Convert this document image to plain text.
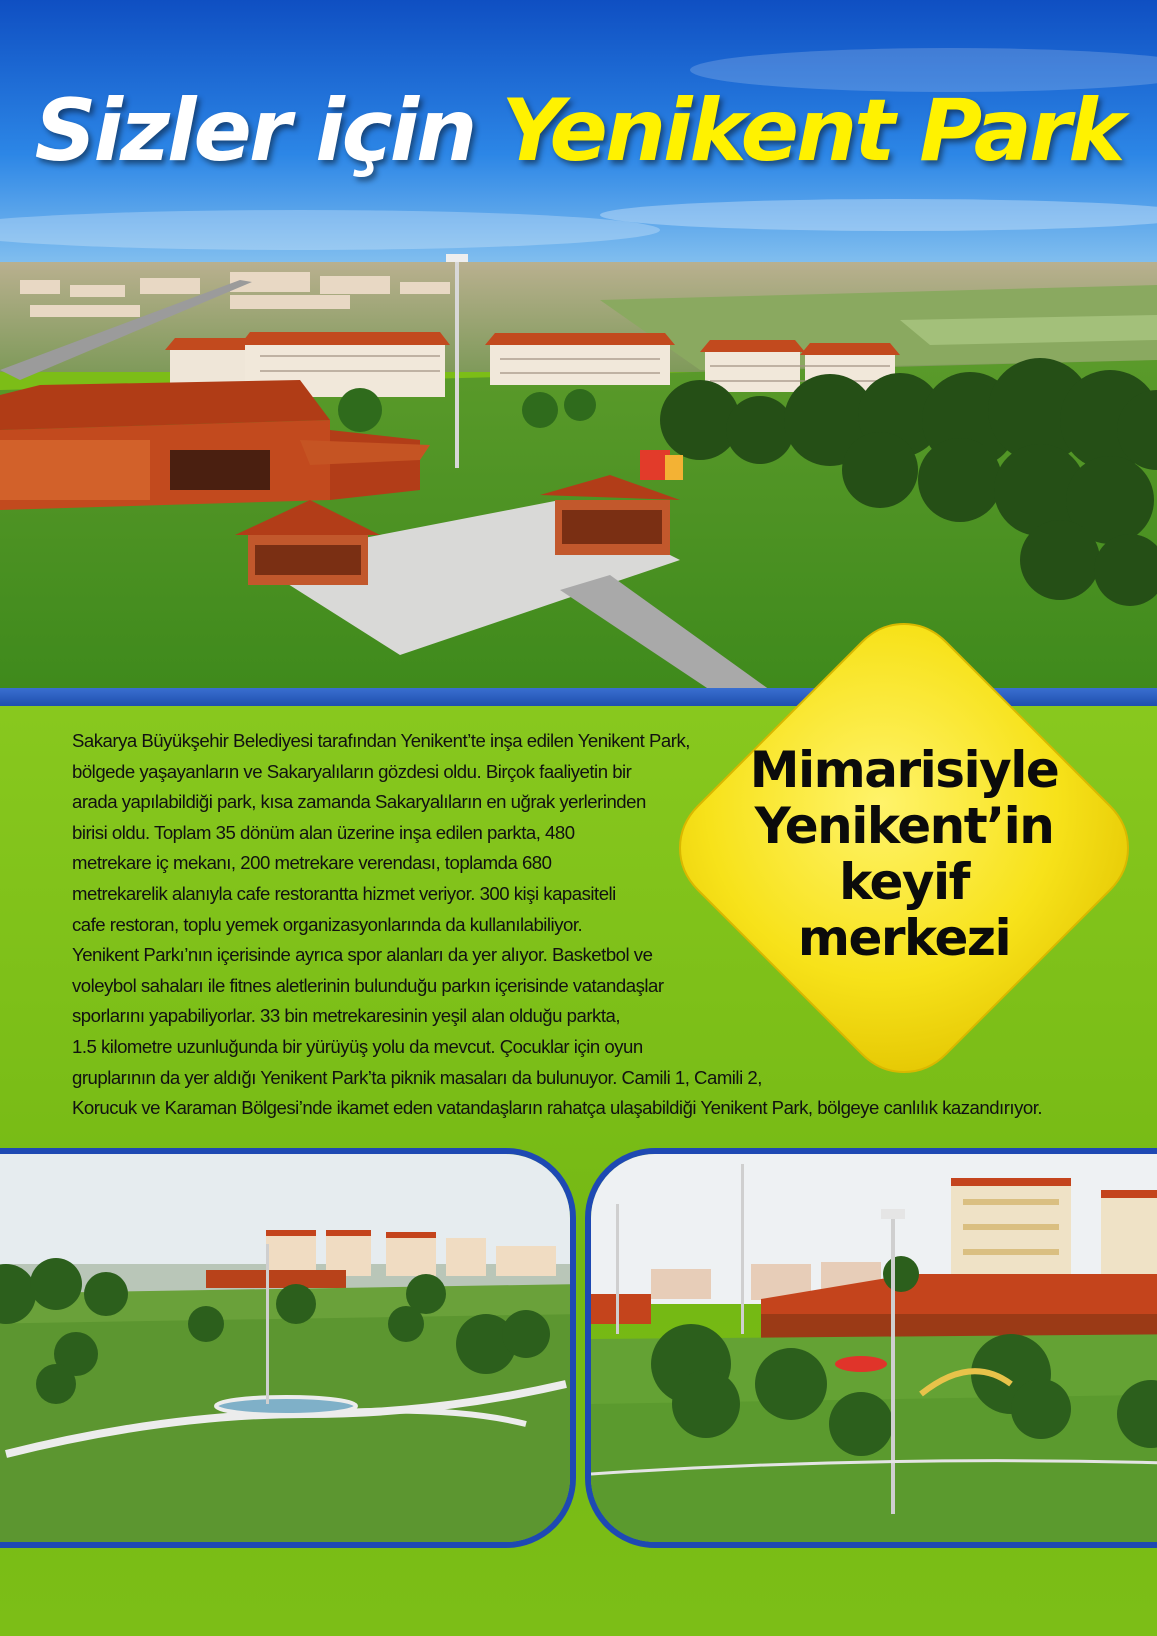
Sizler için Yenikent Park
Sakarya Büyükşehir Belediyesi tarafından Yenikent’te inşa edilen Yenikent Park,
bölgede yaşayanların ve Sakaryalıların gözdesi oldu. Birçok faaliyetin bir
arada yapılabildiği park, kısa zamanda Sakaryalıların en uğrak yerlerinden
birisi oldu. Toplam 35 dönüm alan üzerine inşa edilen parkta, 480
metrekare iç mekanı, 200 metrekare verendası, toplamda 680
metrekarelik alanıyla cafe restorantta hizmet veriyor. 300 kişi kapasiteli
cafe restoran, toplu yemek organizasyonlarında da kullanılabiliyor.
Yenikent Parkı’nın içerisinde ayrıca spor alanları da yer alıyor. Basketbol ve
voleybol sahaları ile fitnes aletlerinin bulunduğu parkın içerisinde vatandaşlar
sporlarını yapabiliyorlar. 33 bin metrekaresinin yeşil alan olduğu parkta,
1.5 kilometre uzunluğunda bir yürüyüş yolu da mevcut. Çocuklar için oyun
gruplarının da yer aldığı Yenikent Park’ta piknik masaları da bulunuyor. Camili 1, Camili 2,
Korucuk ve Karaman Bölgesi’nde ikamet eden vatandaşların rahatça ulaşabildiği Yenikent Park, bölgeye canlılık kazandırıyor.
Mimarisiyle
Yenikent’in
keyif
merkezi
